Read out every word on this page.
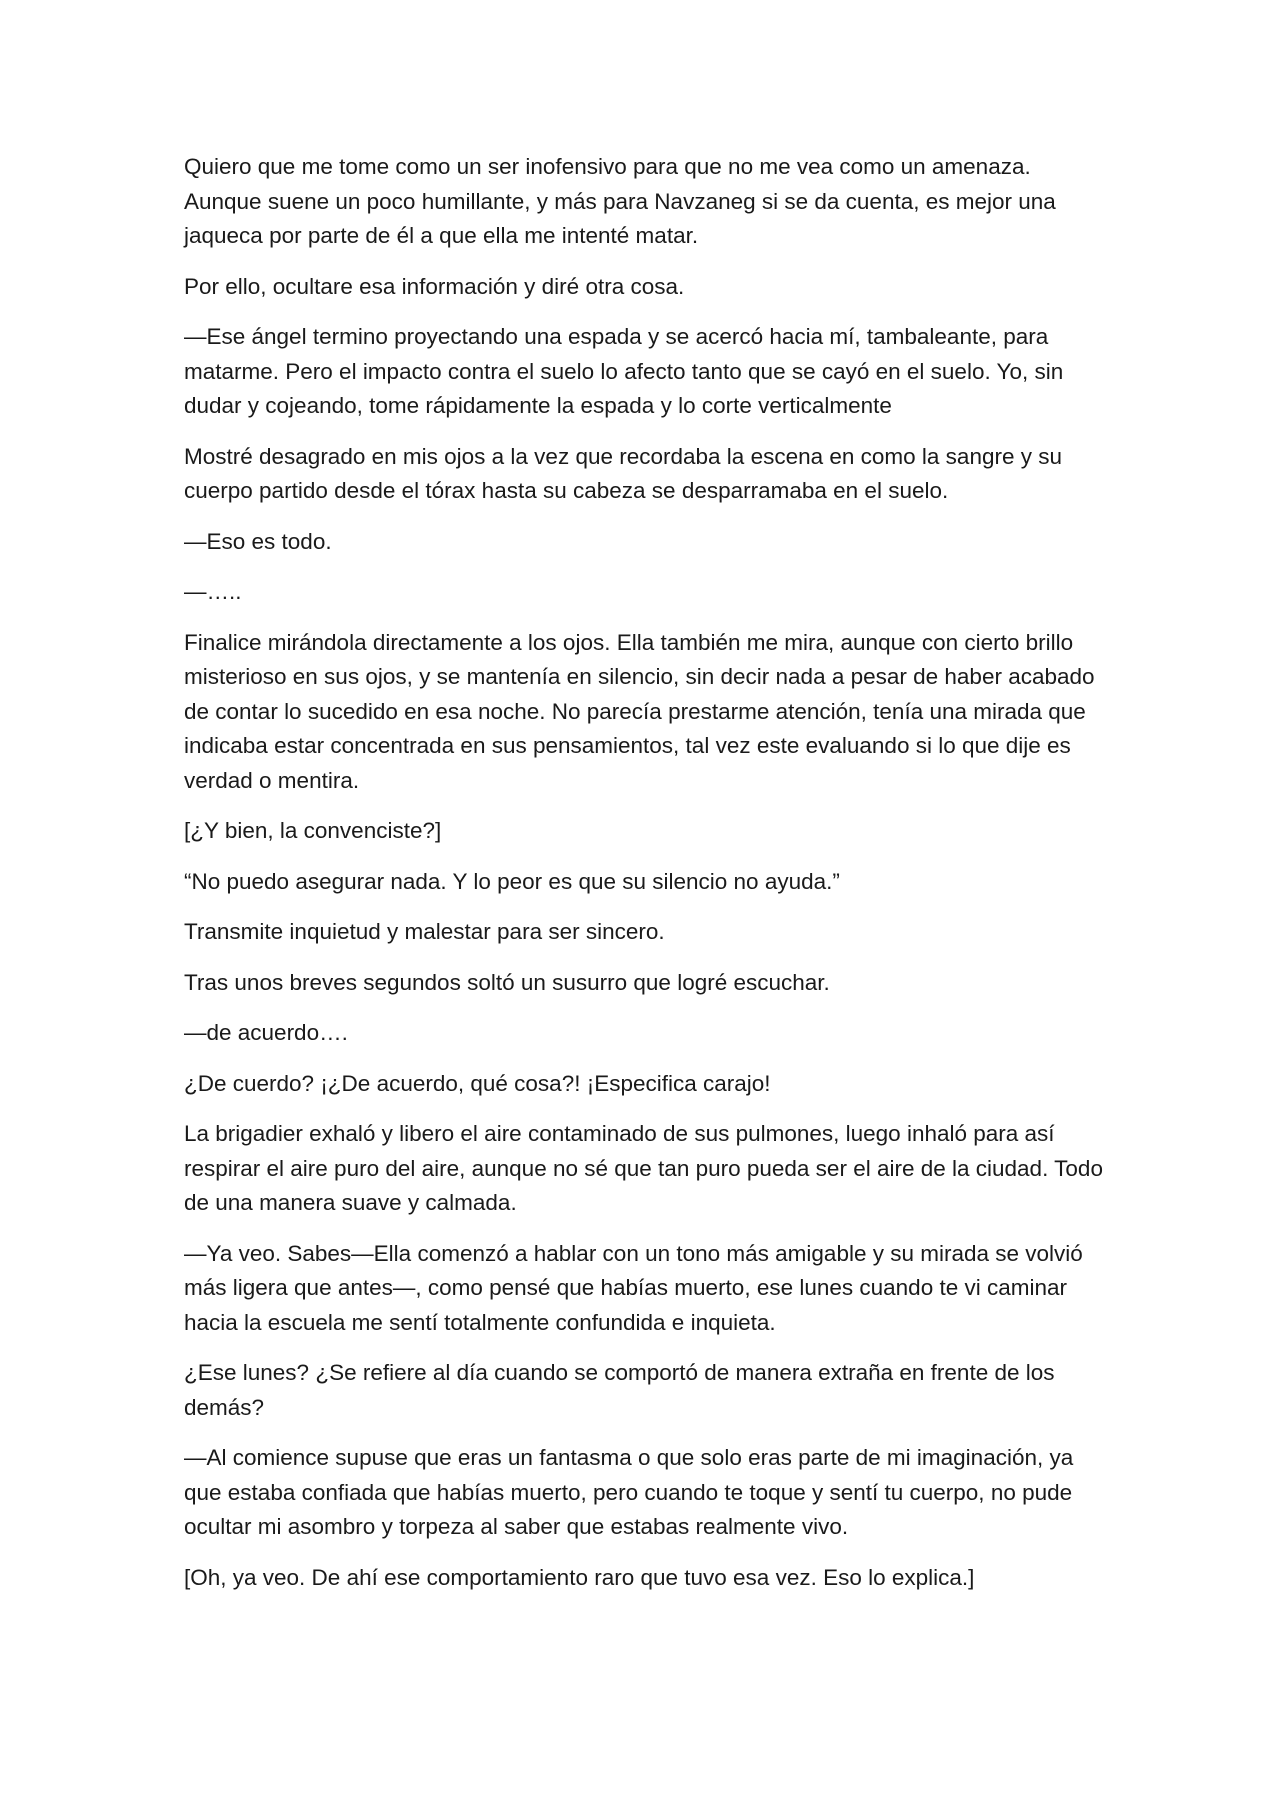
Quiero que me tome como un ser inofensivo para que no me vea como un amenaza. Aunque suene un poco humillante, y más para Navzaneg si se da cuenta, es mejor una jaqueca por parte de él a que ella me intenté matar.

Por ello, ocultare esa información y diré otra cosa.

—Ese ángel termino proyectando una espada y se acercó hacia mí, tambaleante, para matarme. Pero el impacto contra el suelo lo afecto tanto que se cayó en el suelo. Yo, sin dudar y cojeando, tome rápidamente la espada y lo corte verticalmente

Mostré desagrado en mis ojos a la vez que recordaba la escena en como la sangre y su cuerpo partido desde el tórax hasta su cabeza se desparramaba en el suelo.

—Eso es todo.

—…..

Finalice mirándola directamente a los ojos. Ella también me mira, aunque con cierto brillo misterioso en sus ojos, y se mantenía en silencio, sin decir nada a pesar de haber acabado de contar lo sucedido en esa noche. No parecía prestarme atención, tenía una mirada que indicaba estar concentrada en sus pensamientos, tal vez este evaluando si lo que dije es verdad o mentira.

[¿Y bien, la convenciste?]

“No puedo asegurar nada. Y lo peor es que su silencio no ayuda.”

Transmite inquietud y malestar para ser sincero.

Tras unos breves segundos soltó un susurro que logré escuchar.

—de acuerdo….

¿De cuerdo? ¡¿De acuerdo, qué cosa?! ¡Especifica carajo!

La brigadier exhaló y libero el aire contaminado de sus pulmones, luego inhaló para así respirar el aire puro del aire, aunque no sé que tan puro pueda ser el aire de la ciudad. Todo de una manera suave y calmada.

—Ya veo. Sabes—Ella comenzó a hablar con un tono más amigable y su mirada se volvió más ligera que antes—, como pensé que habías muerto, ese lunes cuando te vi caminar hacia la escuela me sentí totalmente confundida e inquieta.

¿Ese lunes? ¿Se refiere al día cuando se comportó de manera extraña en frente de los demás?

—Al comience supuse que eras un fantasma o que solo eras parte de mi imaginación, ya que estaba confiada que habías muerto, pero cuando te toque y sentí tu cuerpo, no pude ocultar mi asombro y torpeza al saber que estabas realmente vivo.

[Oh, ya veo. De ahí ese comportamiento raro que tuvo esa vez. Eso lo explica.]
